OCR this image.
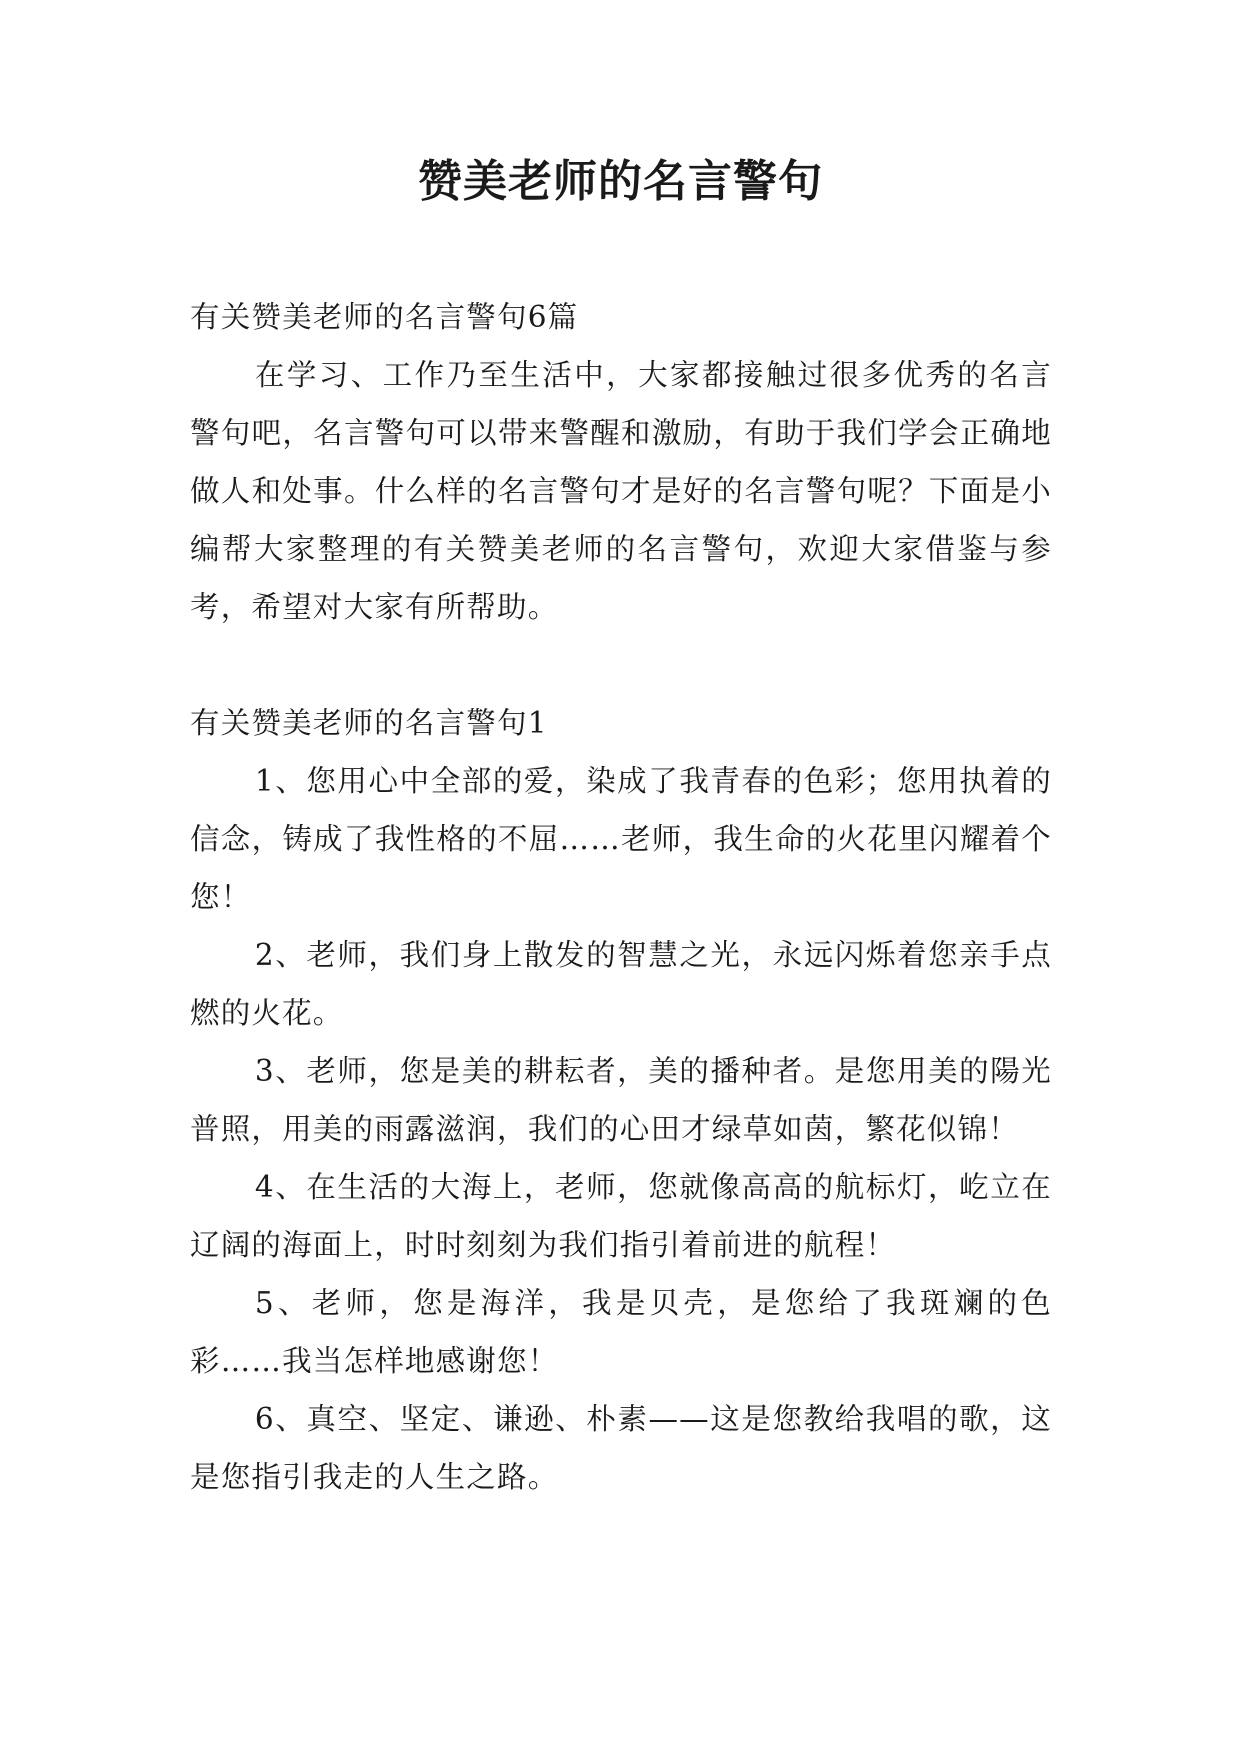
赞美老师的名言警句

有关赞美老师的名言警句6篇

在学习、工作乃至生活中，大家都接触过很多优秀的名言警句吧，名言警句可以带来警醒和激励，有助于我们学会正确地做人和处事。什么样的名言警句才是好的名言警句呢？下面是小编帮大家整理的有关赞美老师的名言警句，欢迎大家借鉴与参考，希望对大家有所帮助。

有关赞美老师的名言警句1

1、您用心中全部的爱，染成了我青春的色彩；您用执着的信念，铸成了我性格的不屈……老师，我生命的火花里闪耀着个您！

2、老师，我们身上散发的智慧之光，永远闪烁着您亲手点燃的火花。

3、老师，您是美的耕耘者，美的播种者。是您用美的陽光普照，用美的雨露滋润，我们的心田才绿草如茵，繁花似锦！

4、在生活的大海上，老师，您就像高高的航标灯，屹立在辽阔的海面上，时时刻刻为我们指引着前进的航程！

5、老师，您是海洋，我是贝壳，是您给了我斑斓的色彩……我当怎样地感谢您！

6、真空、坚定、谦逊、朴素——这是您教给我唱的歌，这是您指引我走的人生之路。
